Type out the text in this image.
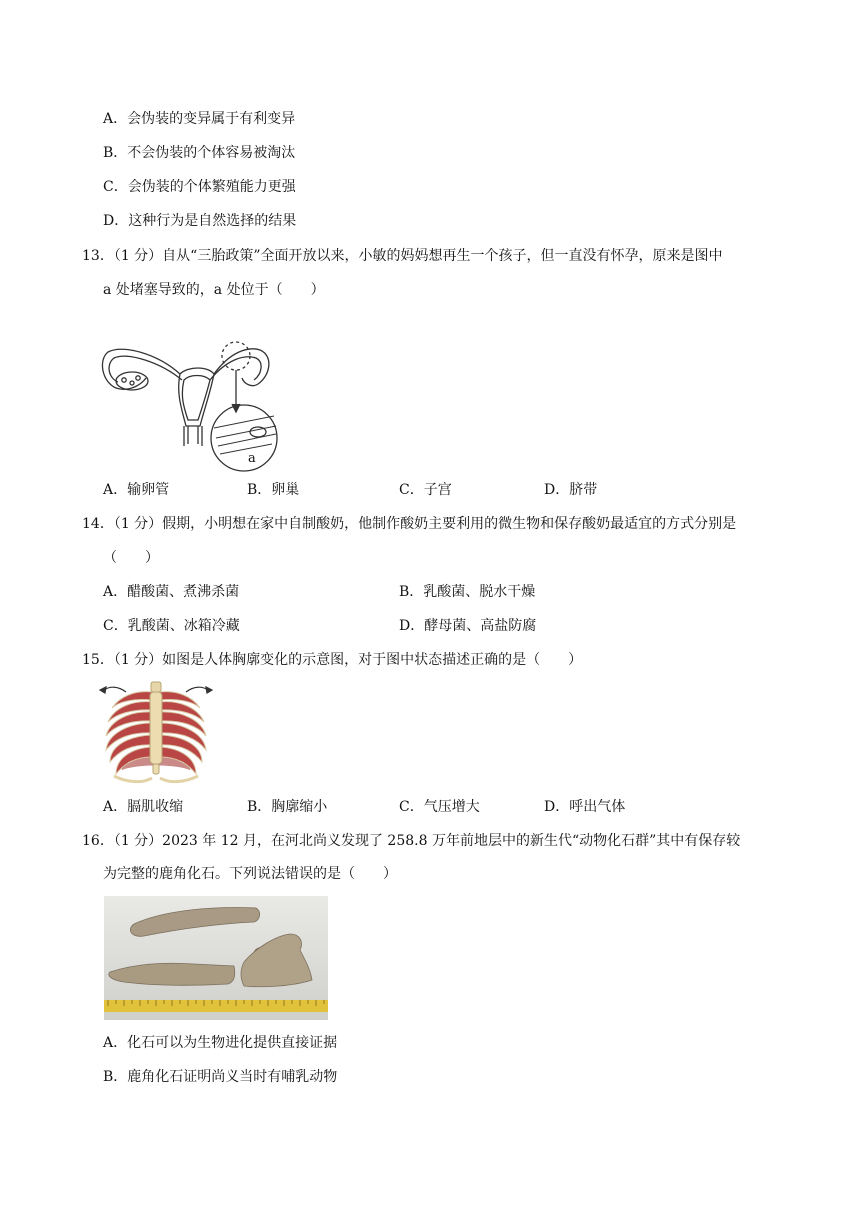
A．会伪装的变异属于有利变异
B．不会伪装的个体容易被淘汰
C．会伪装的个体繁殖能力更强
D．这种行为是自然选择的结果
13．（1 分）自从“三胎政策”全面开放以来，小敏的妈妈想再生一个孩子，但一直没有怀孕，原来是图中
a 处堵塞导致的，a 处位于（　　）
a
A．输卵管	B．卵巢	C．子宫	D．脐带
14．（1 分）假期，小明想在家中自制酸奶，他制作酸奶主要利用的微生物和保存酸奶最适宜的方式分别是
（　　）
A．醋酸菌、煮沸杀菌	B．乳酸菌、脱水干燥
C．乳酸菌、冰箱冷藏	D．酵母菌、高盐防腐
15．（1 分）如图是人体胸廓变化的示意图，对于图中状态描述正确的是（　　）
A．膈肌收缩	B．胸廓缩小	C．气压增大	D．呼出气体
16．（1 分）2023 年 12 月，在河北尚义发现了 258.8 万年前地层中的新生代“动物化石群”其中有保存较
为完整的鹿角化石。下列说法错误的是（　　）
A．化石可以为生物进化提供直接证据
B．鹿角化石证明尚义当时有哺乳动物
